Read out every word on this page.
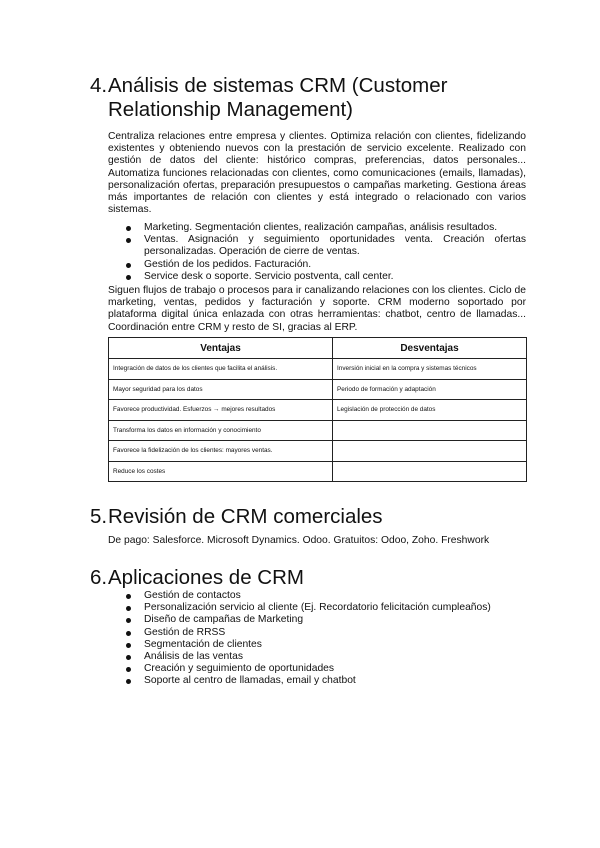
4. Análisis de sistemas CRM (Customer Relationship Management)

Centraliza relaciones entre empresa y clientes. Optimiza relación con clientes, fidelizando existentes y obteniendo nuevos con la prestación de servicio excelente. Realizado con gestión de datos del cliente: histórico compras, preferencias, datos personales... Automatiza funciones relacionadas con clientes, como comunicaciones (emails, llamadas), personalización ofertas, preparación presupuestos o campañas marketing. Gestiona áreas más importantes de relación con clientes y está integrado o relacionado con varios sistemas.

Marketing. Segmentación clientes, realización campañas, análisis resultados.
Ventas. Asignación y seguimiento oportunidades venta. Creación ofertas personalizadas. Operación de cierre de ventas.
Gestión de los pedidos. Facturación.
Service desk o soporte. Servicio postventa, call center.

Siguen flujos de trabajo o procesos para ir canalizando relaciones con los clientes. Ciclo de marketing, ventas, pedidos y facturación y soporte. CRM moderno soportado por plataforma digital única enlazada con otras herramientas: chatbot, centro de llamadas... Coordinación entre CRM y resto de SI, gracias al ERP.

Ventajas	Desventajas
Integración de datos de los clientes que facilita el análisis.	Inversión inicial en la compra y sistemas técnicos
Mayor seguridad para los datos	Periodo de formación y adaptación
Favorece productividad. Esfuerzos → mejores resultados	Legislación de protección de datos
Transforma los datos en información y conocimiento	
Favorece la fidelización de los clientes: mayores ventas.	
Reduce los costes	
5. Revisión de CRM comerciales

De pago: Salesforce. Microsoft Dynamics. Odoo. Gratuitos: Odoo, Zoho. Freshwork

6. Aplicaciones de CRM
Gestión de contactos
Personalización servicio al cliente (Ej. Recordatorio felicitación cumpleaños)
Diseño de campañas de Marketing
Gestión de RRSS
Segmentación de clientes
Análisis de las ventas
Creación y seguimiento de oportunidades
Soporte al centro de llamadas, email y chatbot
